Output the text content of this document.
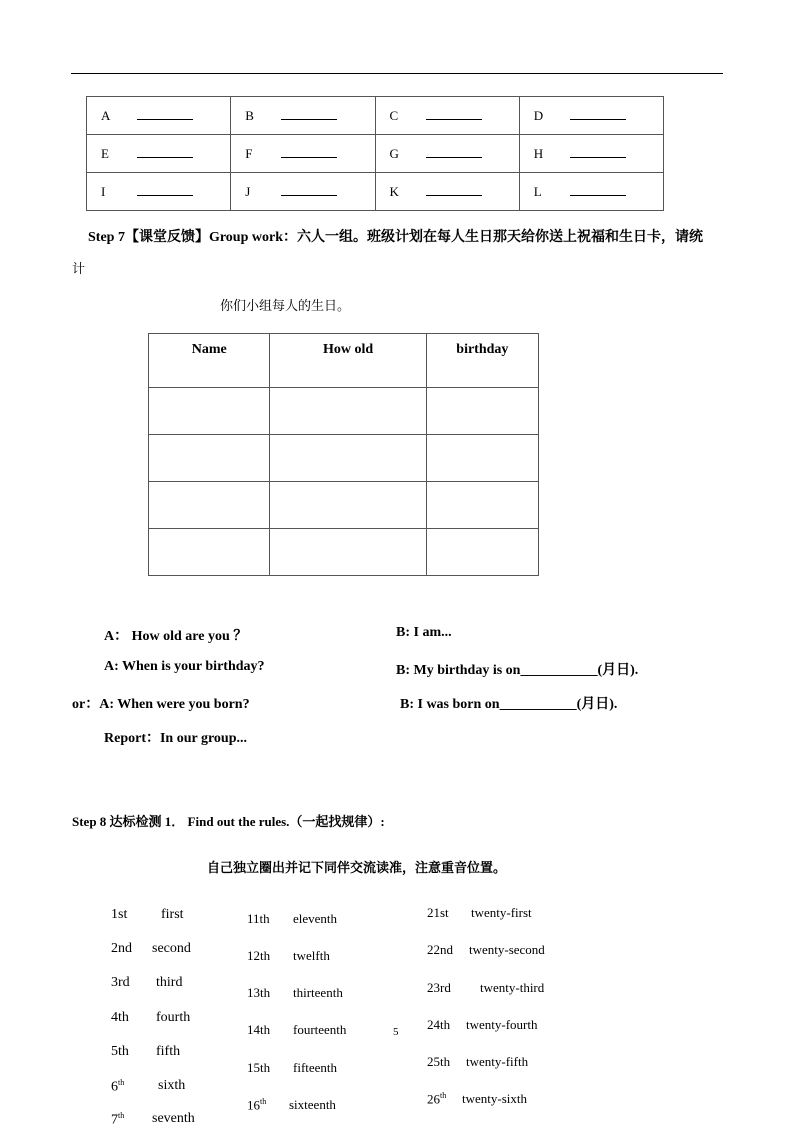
A	B	C	D
E	F	G	H
I	J	K	L
Step 7【课堂反馈】Group work：六人一组。班级计划在每人生日那天给你送上祝福和生日卡，请统
计
你们小组每人的生日。
Name	How old	birthday

A： How old are you ？	B: I am...
A: When is your birthday?	B: My birthday is on___________(月日).
or：A: When were you born?	B: I was born on___________(月日).
Report：In our group...
Step 8 达标检测 1． Find out the rules.（一起找规律）:
自己独立圈出并记下同伴交流读准，注意重音位置。
1st first
2nd second
3rd third
4th fourth
5th fifth
6th sixth
7th seventh
11th eleventh
12th twelfth
13th thirteenth
14th fourteenth
15th fifteenth
16th sixteenth
5
21st twenty-first
22nd twenty-second
23rd twenty-third
24th twenty-fourth
25th twenty-fifth
26th twenty-sixth
